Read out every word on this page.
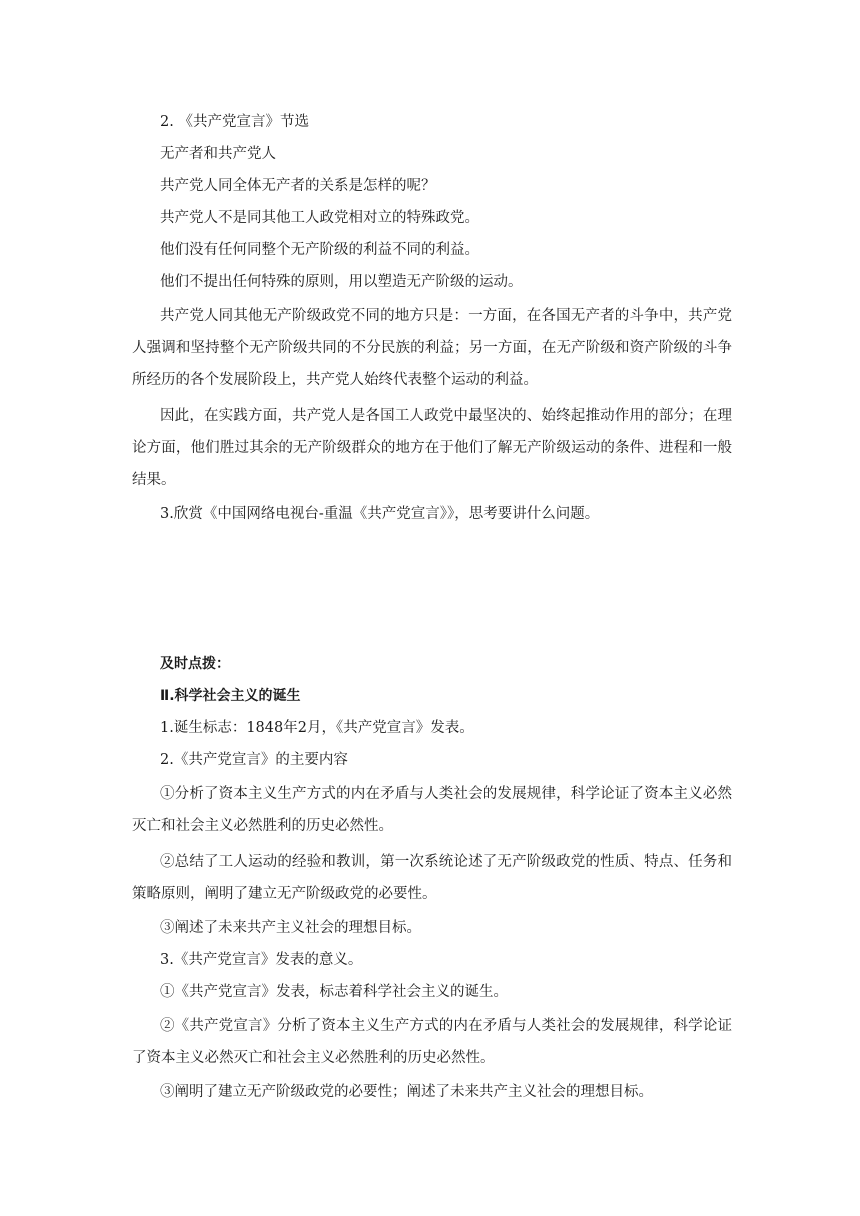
2. 《共产党宣言》节选

无产者和共产党人

共产党人同全体无产者的关系是怎样的呢？

共产党人不是同其他工人政党相对立的特殊政党。

他们没有任何同整个无产阶级的利益不同的利益。

他们不提出任何特殊的原则，用以塑造无产阶级的运动。

共产党人同其他无产阶级政党不同的地方只是：一方面，在各国无产者的斗争中，共产党人强调和坚持整个无产阶级共同的不分民族的利益；另一方面，在无产阶级和资产阶级的斗争所经历的各个发展阶段上，共产党人始终代表整个运动的利益。

因此，在实践方面，共产党人是各国工人政党中最坚决的、始终起推动作用的部分；在理论方面，他们胜过其余的无产阶级群众的地方在于他们了解无产阶级运动的条件、进程和一般结果。

3.欣赏《中国网络电视台-重温《共产党宣言》》，思考要讲什么问题。

及时点拨：

Ⅱ.科学社会主义的诞生

1.诞生标志：1848年2月，《共产党宣言》发表。

2.《共产党宣言》的主要内容

①分析了资本主义生产方式的内在矛盾与人类社会的发展规律，科学论证了资本主义必然灭亡和社会主义必然胜利的历史必然性。

②总结了工人运动的经验和教训，第一次系统论述了无产阶级政党的性质、特点、任务和策略原则，阐明了建立无产阶级政党的必要性。

③阐述了未来共产主义社会的理想目标。

3.《共产党宣言》发表的意义。

①《共产党宣言》发表，标志着科学社会主义的诞生。

②《共产党宣言》分析了资本主义生产方式的内在矛盾与人类社会的发展规律，科学论证了资本主义必然灭亡和社会主义必然胜利的历史必然性。

③阐明了建立无产阶级政党的必要性；阐述了未来共产主义社会的理想目标。
